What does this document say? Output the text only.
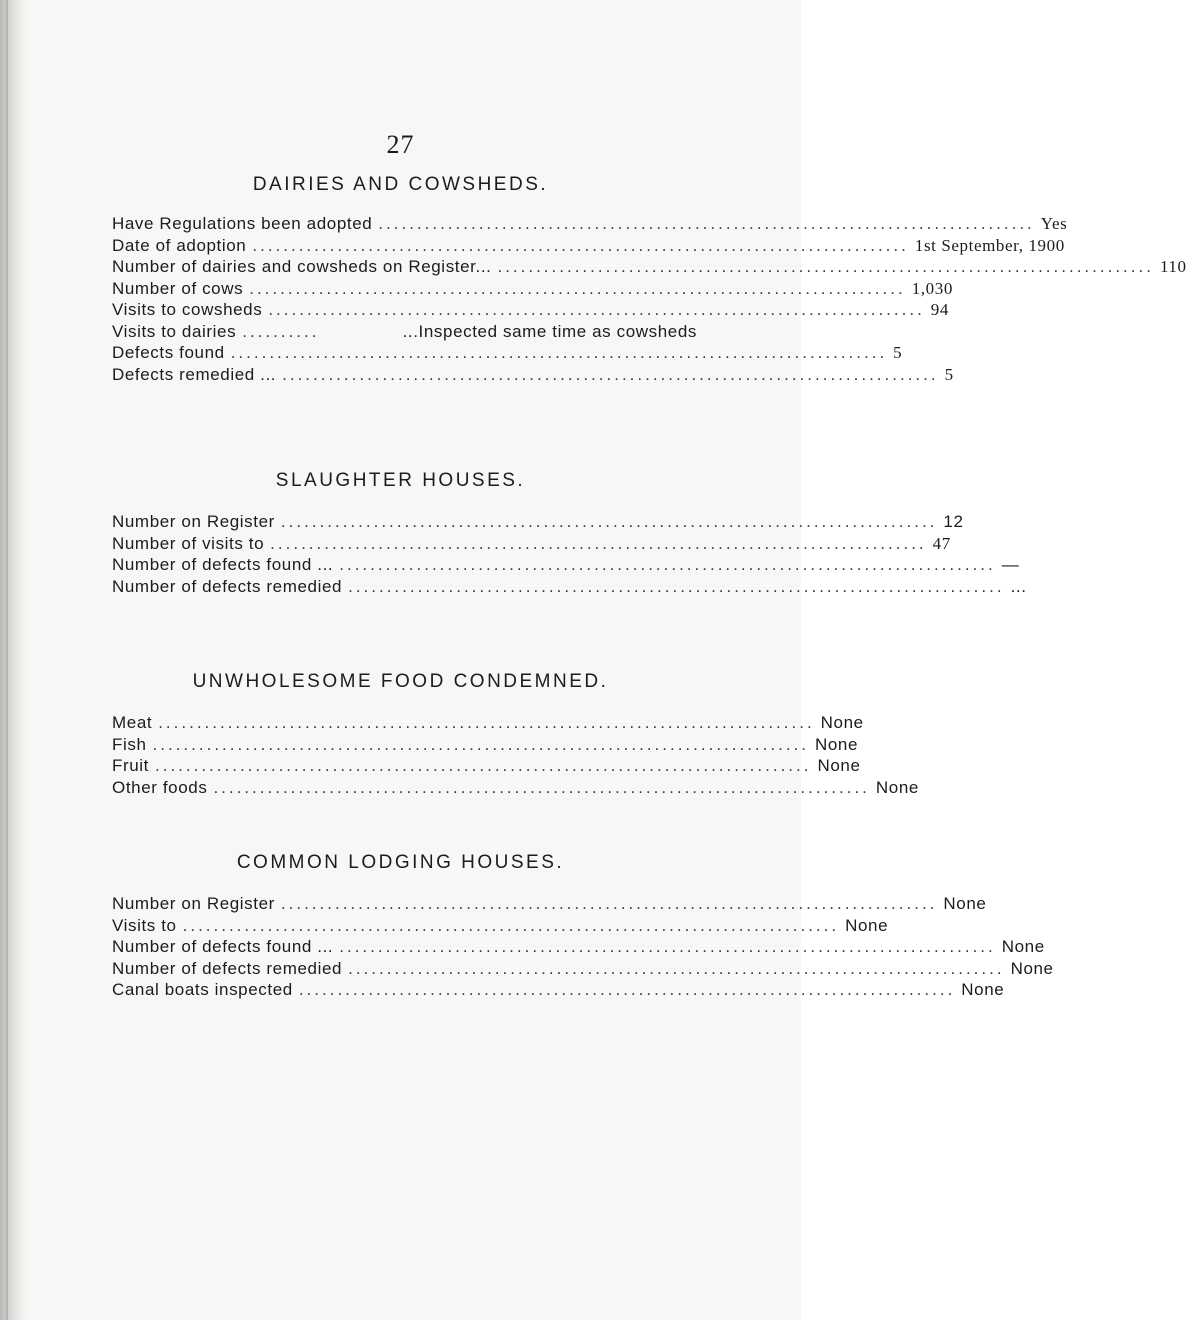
27
DAIRIES AND COWSHEDS.
Have Regulations been adopted ..................................................................................... Yes
Date of adoption ..................................................................................... 1st September, 1900
Number of dairies and cowsheds on Register... ..................................................................................... 110
Number of cows ..................................................................................... 1,030
Visits to cowsheds ..................................................................................... 94
Visits to dairies ..........	...Inspected same time as cowsheds
Defects found ..................................................................................... 5
Defects remedied ... ..................................................................................... 5
SLAUGHTER HOUSES.
Number on Register ..................................................................................... 12
Number of visits to ..................................................................................... 47
Number of defects found ... ..................................................................................... —
Number of defects remedied ..................................................................................... ...
UNWHOLESOME FOOD CONDEMNED.
Meat ..................................................................................... None
Fish ..................................................................................... None
Fruit ..................................................................................... None
Other foods ..................................................................................... None
COMMON LODGING HOUSES.
Number on Register ..................................................................................... None
Visits to ..................................................................................... None
Number of defects found ... ..................................................................................... None
Number of defects remedied ..................................................................................... None
Canal boats inspected ..................................................................................... None
